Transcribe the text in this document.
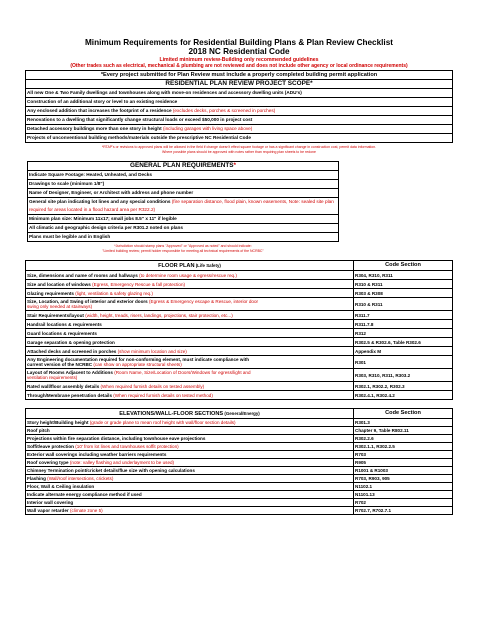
Minimum Requirements for Residential Building Plans & Plan Review Checklist
2018 NC Residential Code
Limited minimum review-Building only recommended guidelines
(Other trades such as electrical, mechanical & plumbing are not reviewed and does not include other agency or local ordinance requirements)
*Every project submitted for Plan Review must include a properly completed building permit application
RESIDENTIAL PLAN REVIEW PROJECT SCOPE*
All new One & Two Family dwellings and townhouses along with move-on residences and accessory dwelling units (ADU's)
Construction of an additional story or level to an existing residence
Any enclosed addition that increases the footprint of a residence (excludes decks, porches & screened in porches)
Renovations to a dwelling that significantly change structural loads or exceed $50,000 in project cost
Detached accessory buildings more than one story in height (including garages with living space above)
Projects of unconventional building methods/materials outside the prescriptive NC Residential Code
*RTAP's or revisions to approved plans will be allowed in the field if change doesn't effect square footage or has a significant change in construction cost, permit data information.
Where possible plans should be approved with notes rather than requiring plan sheets to be redone
GENERAL PLAN REQUIREMENTS*
Indicate Square Footage: Heated, Unheated, and Decks
Drawings to scale (minimum 1/8")
Name of Designer, Engineer, or Architect with address and phone number
General site plan indicating lot lines and any special conditions (fire separation distance, flood plain, known easements, Note: sealed site plan
required for areas located in a flood hazard area per R322.2)
Minimum plan size: Minimum 11x17; small jobs 8.5" x 11" if legible
All climatic and geographic design criteria per R301.2 noted on plans
Plans must be legible and in English
*Jurisdiction should stamp plans "Approved" or "Approved as noted" and should indicate:
"Limited building review; permit holder responsible for meeting all technical requirements of the NCRBC"
FLOOR PLAN (Life Safety)	Code Section
Size, dimensions and name of rooms and hallways (to determine room usage & egress/rescue req.)	R304, R310, R311
Size and location of windows (Egress, Emergency Rescue & fall protection)	R310 & R311
Glazing requirements (light, ventilation & safety glazing req.)	R303 & R308
Size, Location, and Swing of interior and exterior doors (Egress & Emergency escape & Rescue, interior door
swing only needed at stairways)	R310 & R311
Stair Requirements/layout (width, height, treads, risers, landings, projections, stair protection, etc...)	R311.7
Handrail locations & requirements	R311.7.8
Guard locations & requirements	R312
Garage separation & opening protection	R302.5 & R302.6, Table R302.6
Attached decks and screened in porches (show minimum location and size)	Appendix M
Any Engineering documentation required for non-conforming element, must indicate compliance with
current version of the NCRBC (can show on appropriate structural sheets)	R301
Layout of Rooms Adjacent to Additions (Room Name, Size/Location of Doors/Windows for egress/light and
ventilation requirements)	R303, R310, R311, R303.2
Rated wall/floor assembly details (When required furnish details on tested assembly)	R302.1, R302.2, R302.3
Through/Membrane penetration details (When required furnish details on tested method)	R302.4.1, R302.4.2
ELEVATIONS/WALL-FLOOR SECTIONS (General/Energy)	Code Section
Story height/Building height (grade or grade plane to mean roof height with wall/floor section details)	R301.3
Roof pitch	Chapter 9, Table R802.11
Projections within fire separation distance, including townhouse eave projections	R302.2.6
Soffit/eave protection (10' from lot lines and townhouses soffit protection)	R302.1.1, R302.2.5
Exterior wall coverings including weather barriers requirements	R703
Roof covering type (note: valley flashing and underlayment to be used)	R905
Chimney Termination point/cricket details/flue size with opening calculations	R1001 & R1003
Flashing (Wall/roof intersections, crickets)	R703, R903, 905
Floor, Wall & Ceiling insulation	N1102.1
Indicate alternate energy compliance method if used	N1101.13
Interior wall covering	R702
Wall vapor retarder (climate zone 5)	R702.7, R702.7.1
